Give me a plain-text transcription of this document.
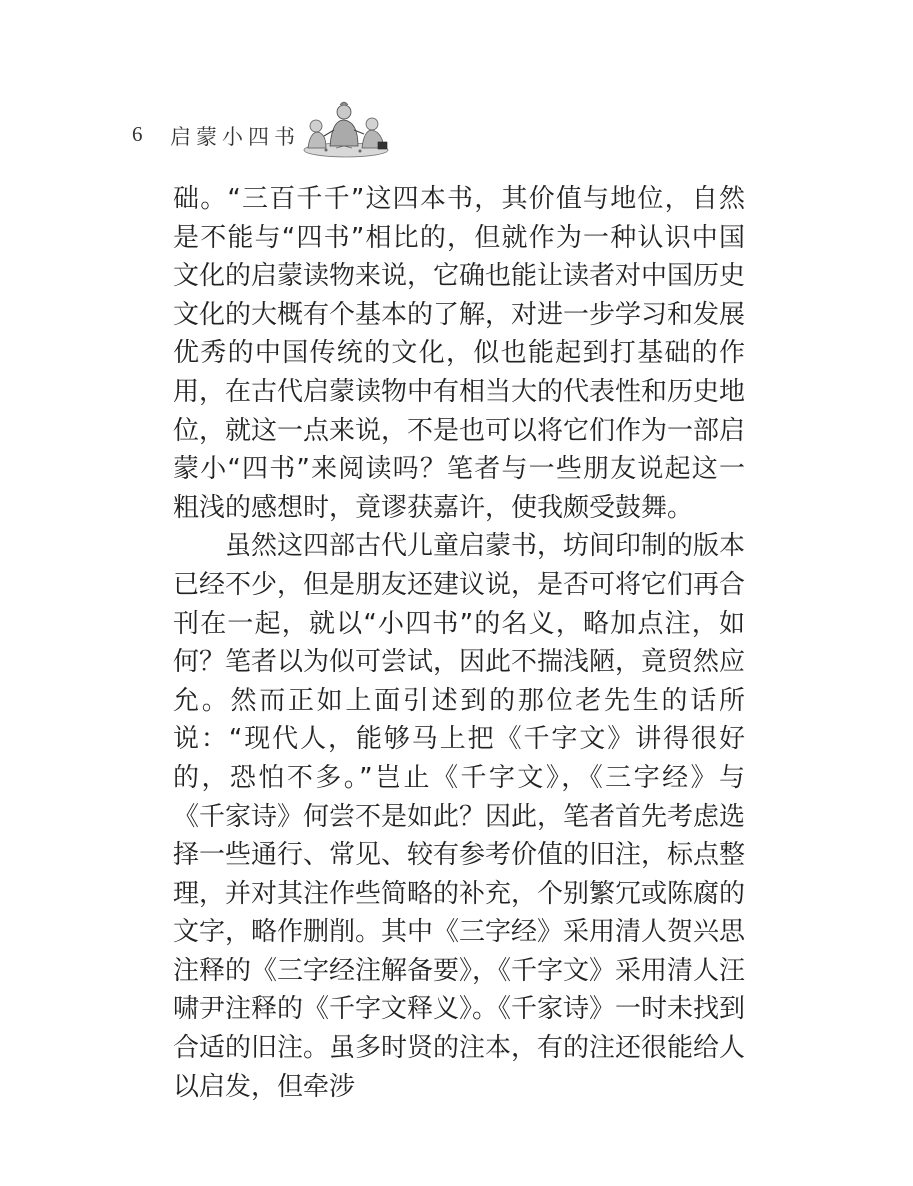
6 启蒙小四书

础。“三百千千”这四本书，其价值与地位，自然是不能与“四书”相比的，但就作为一种认识中国文化的启蒙读物来说，它确也能让读者对中国历史文化的大概有个基本的了解，对进一步学习和发展优秀的中国传统的文化，似也能起到打基础的作用，在古代启蒙读物中有相当大的代表性和历史地位，就这一点来说，不是也可以将它们作为一部启蒙小“四书”来阅读吗？笔者与一些朋友说起这一粗浅的感想时，竟谬获嘉许，使我颇受鼓舞。

虽然这四部古代儿童启蒙书，坊间印制的版本已经不少，但是朋友还建议说，是否可将它们再合刊在一起，就以“小四书”的名义，略加点注，如何？笔者以为似可尝试，因此不揣浅陋，竟贸然应允。然而正如上面引述到的那位老先生的话所说：“现代人，能够马上把《千字文》讲得很好的，恐怕不多。”岂止《千字文》，《三字经》与《千家诗》何尝不是如此？因此，笔者首先考虑选择一些通行、常见、较有参考价值的旧注，标点整理，并对其注作些简略的补充，个别繁冗或陈腐的文字，略作删削。其中《三字经》采用清人贺兴思注释的《三字经注解备要》，《千字文》采用清人汪啸尹注释的《千字文释义》。《千家诗》一时未找到合适的旧注。虽多时贤的注本，有的注还很能给人以启发，但牵涉
